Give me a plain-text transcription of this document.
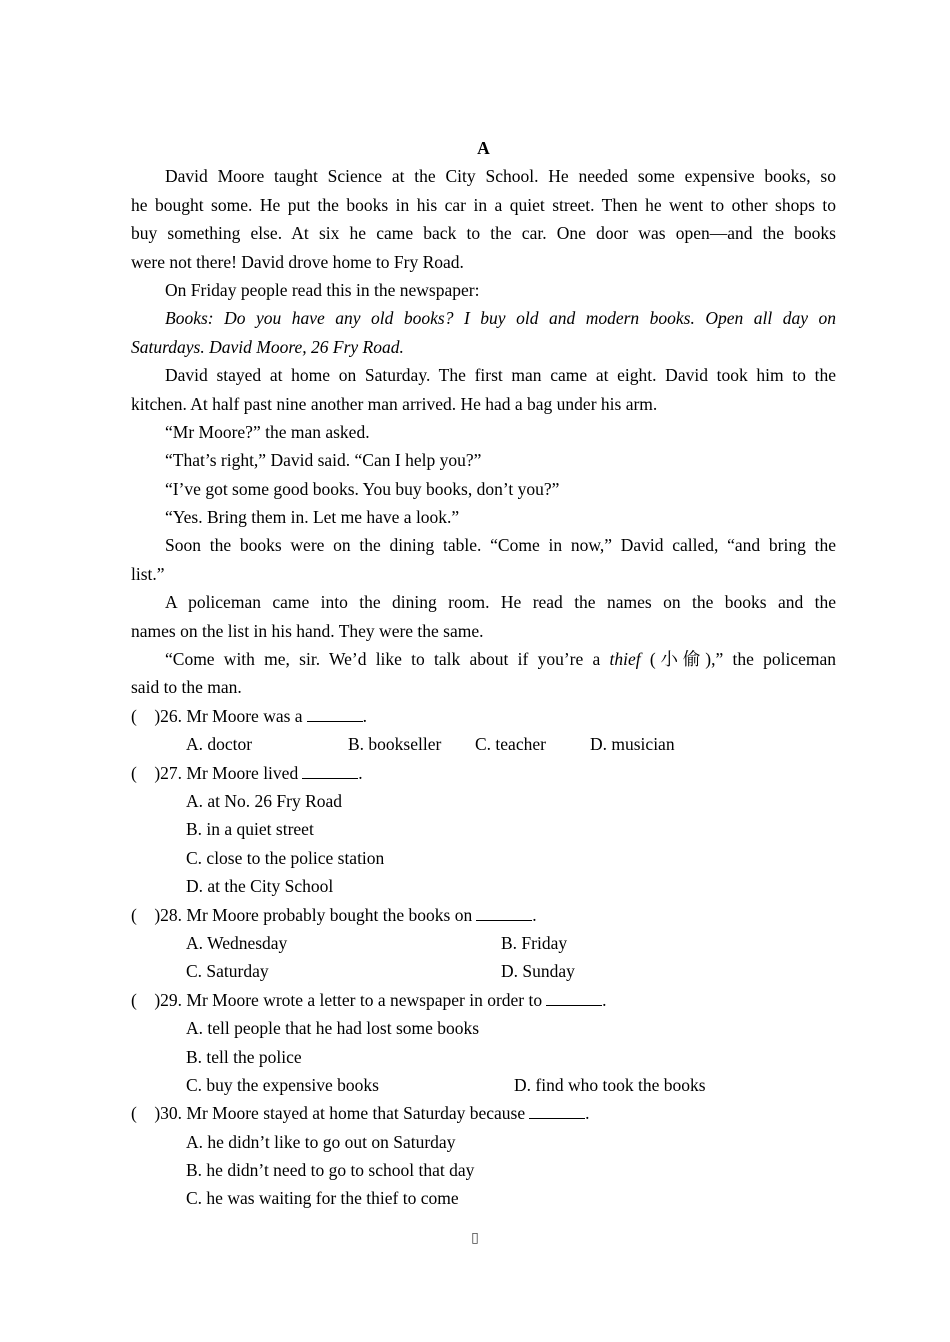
A
David Moore taught Science at the City School. He needed some expensive books, so
he bought some. He put the books in his car in a quiet street. Then he went to other shops to
buy something else. At six he came back to the car. One door was open—and the books
were not there! David drove home to Fry Road.
On Friday people read this in the newspaper:
Books: Do you have any old books? I buy old and modern books. Open all day on
Saturdays. David Moore, 26 Fry Road.
David stayed at home on Saturday. The first man came at eight. David took him to the
kitchen. At half past nine another man arrived. He had a bag under his arm.
“Mr Moore?” the man asked.
“That’s right,” David said. “Can I help you?”
“I’ve got some good books. You buy books, don’t you?”
“Yes. Bring them in. Let me have a look.”
Soon the books were on the dining table. “Come in now,” David called, “and bring the
list.”
A policeman came into the dining room. He read the names on the books and the
names on the list in his hand. They were the same.
“Come with me, sir. We’d like to talk about if you’re a thief (小偷),” the policeman
said to the man.
(    )26. Mr Moore was a	.
A. doctor	B. bookseller C. teacher	D. musician
(    )27. Mr Moore lived	.
A. at No. 26 Fry Road
B. in a quiet street
C. close to the police station
D. at the City School
(    )28. Mr Moore probably bought the books on	.
A. Wednesday	B. Friday
C. Saturday	D. Sunday
(    )29. Mr Moore wrote a letter to a newspaper in order to	.
A. tell people that he had lost some books
B. tell the police
C. buy the expensive books	D. find who took the books
(    )30. Mr Moore stayed at home that Saturday because	.
A. he didn’t like to go out on Saturday
B. he didn’t need to go to school that day
C. he was waiting for the thief to come
▯
